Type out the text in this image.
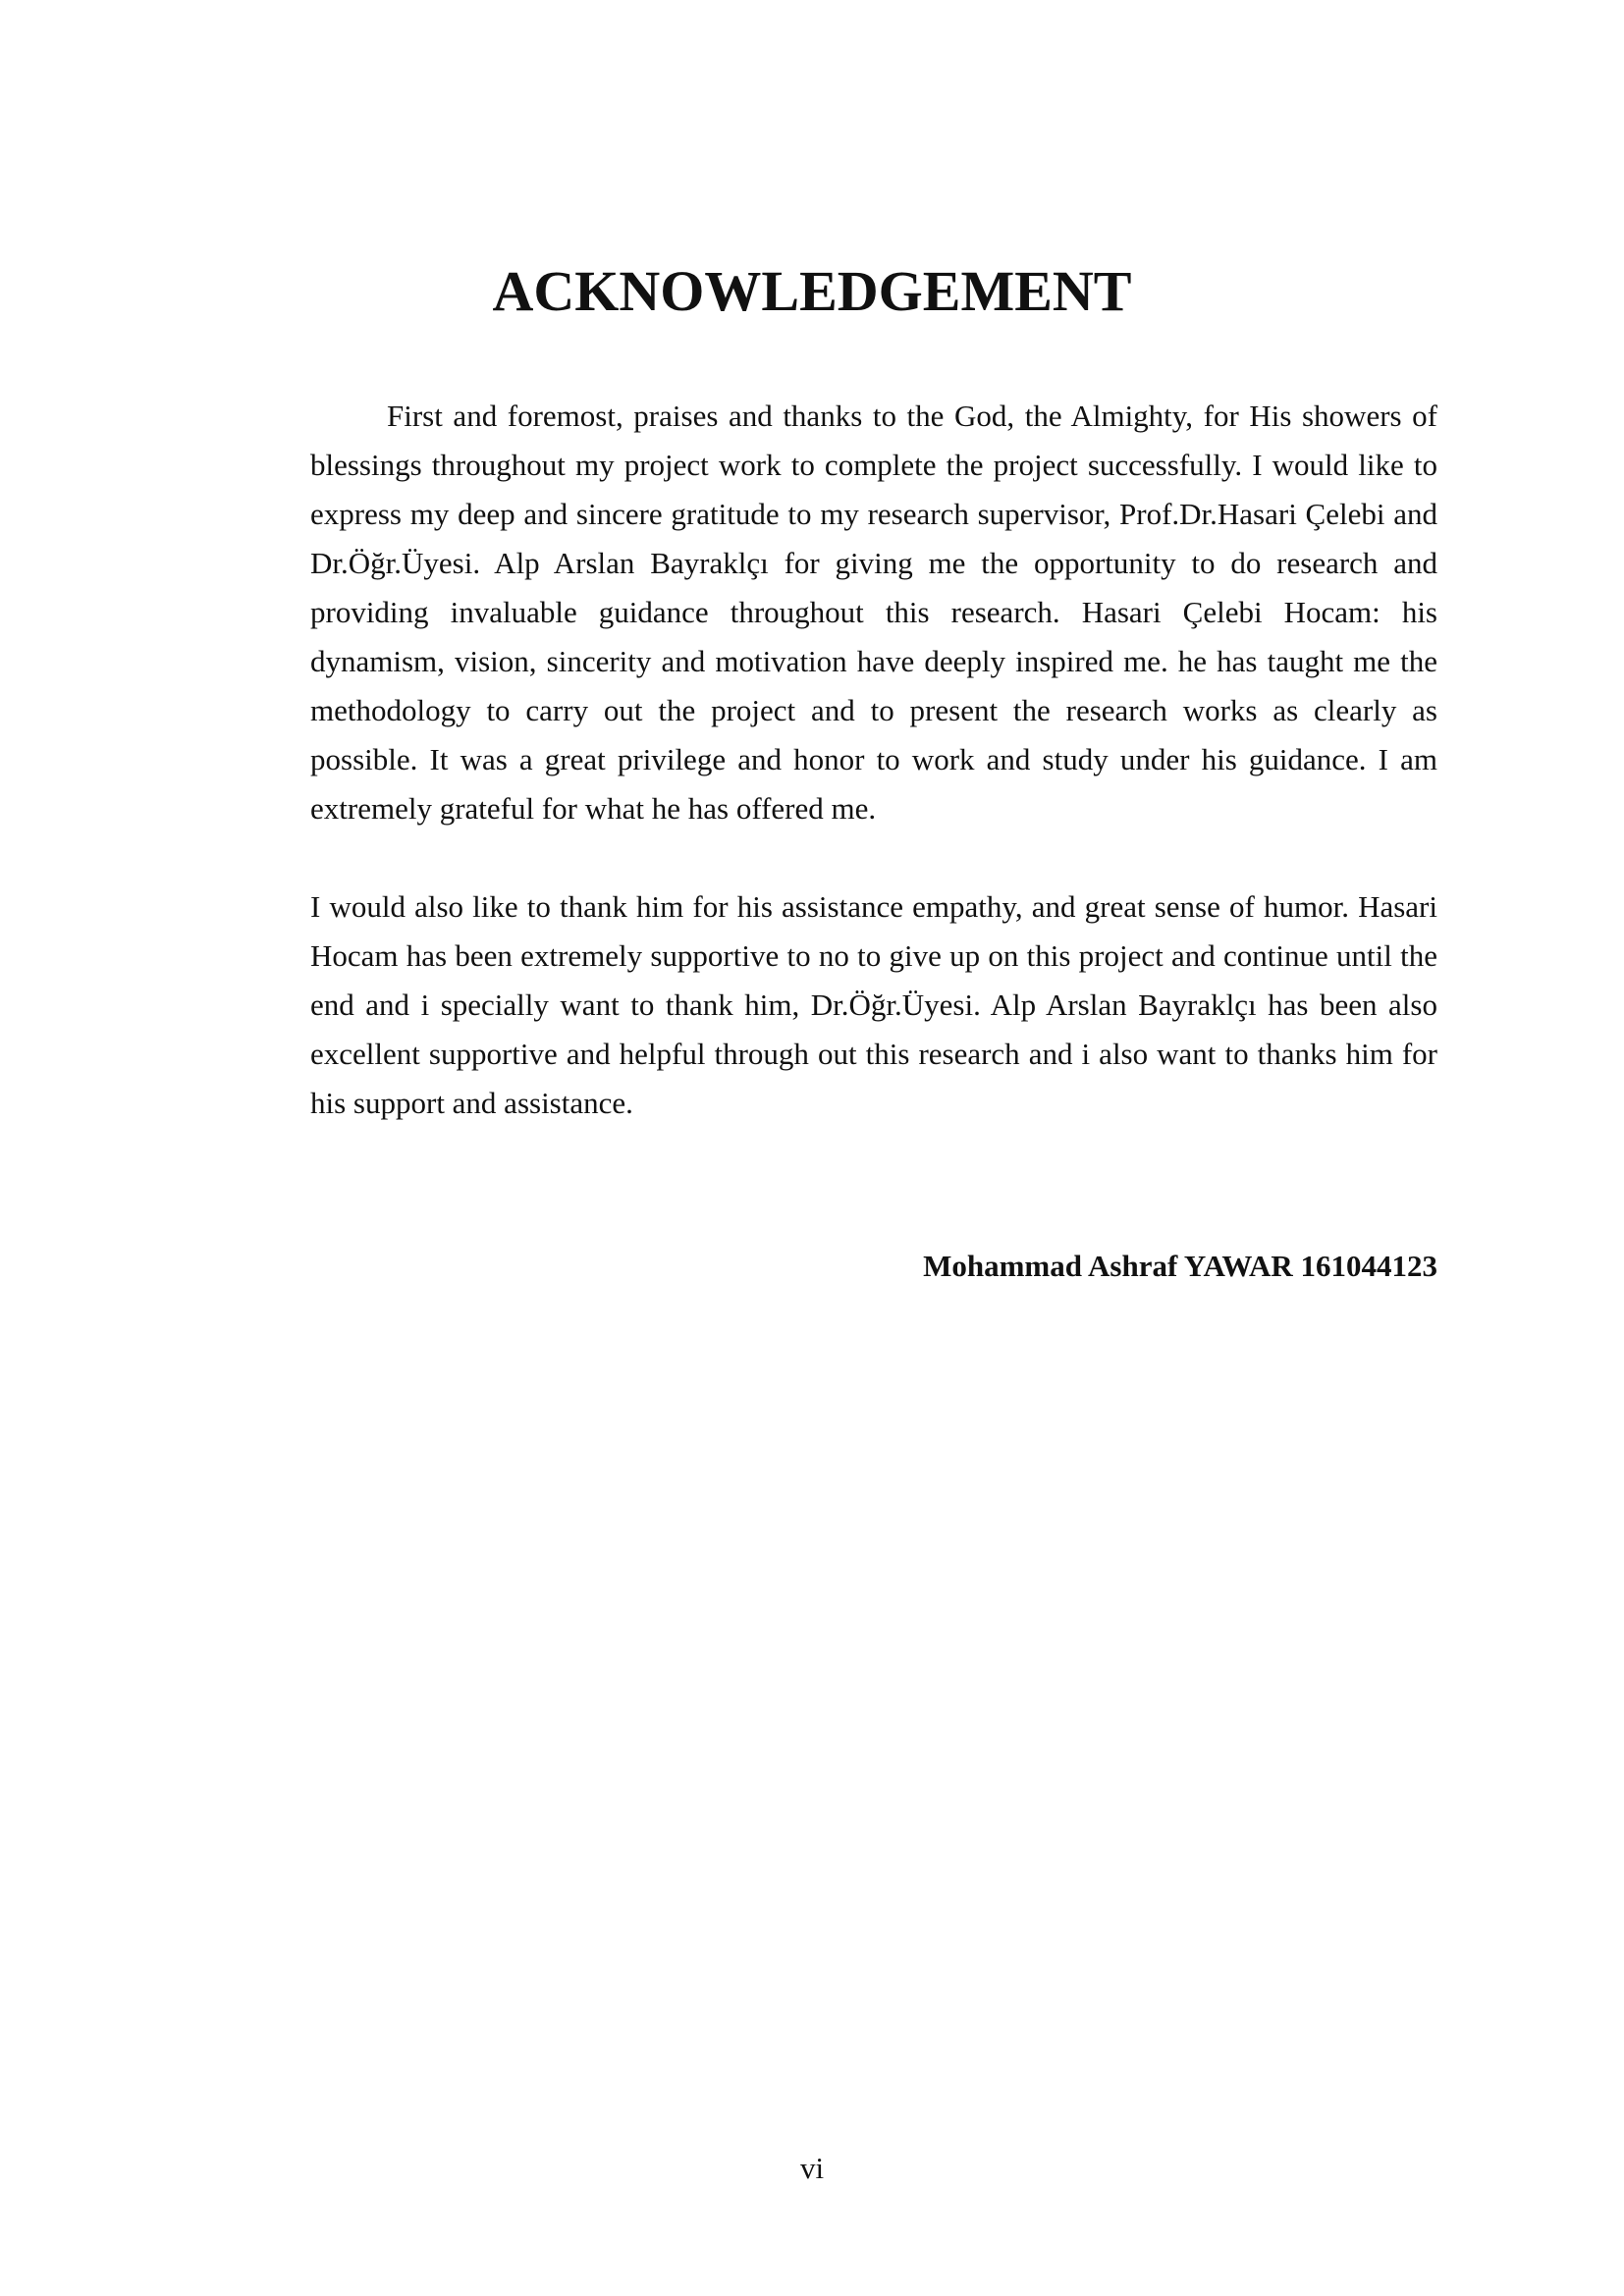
ACKNOWLEDGEMENT

First and foremost, praises and thanks to the God, the Almighty, for His showers of blessings throughout my project work to complete the project successfully. I would like to express my deep and sincere gratitude to my research supervisor, Prof.Dr.Hasari Çelebi and Dr.Öğr.Üyesi. Alp Arslan Bayraklçı for giving me the opportunity to do research and providing invaluable guidance throughout this research. Hasari Çelebi Hocam: his dynamism, vision, sincerity and motivation have deeply inspired me. he has taught me the methodology to carry out the project and to present the research works as clearly as possible. It was a great privilege and honor to work and study under his guidance. I am extremely grateful for what he has offered me.

I would also like to thank him for his assistance empathy, and great sense of humor. Hasari Hocam has been extremely supportive to no to give up on this project and continue until the end and i specially want to thank him, Dr.Öğr.Üyesi. Alp Arslan Bayraklçı has been also excellent supportive and helpful through out this research and i also want to thanks him for his support and assistance.

Mohammad Ashraf YAWAR 161044123

vi
